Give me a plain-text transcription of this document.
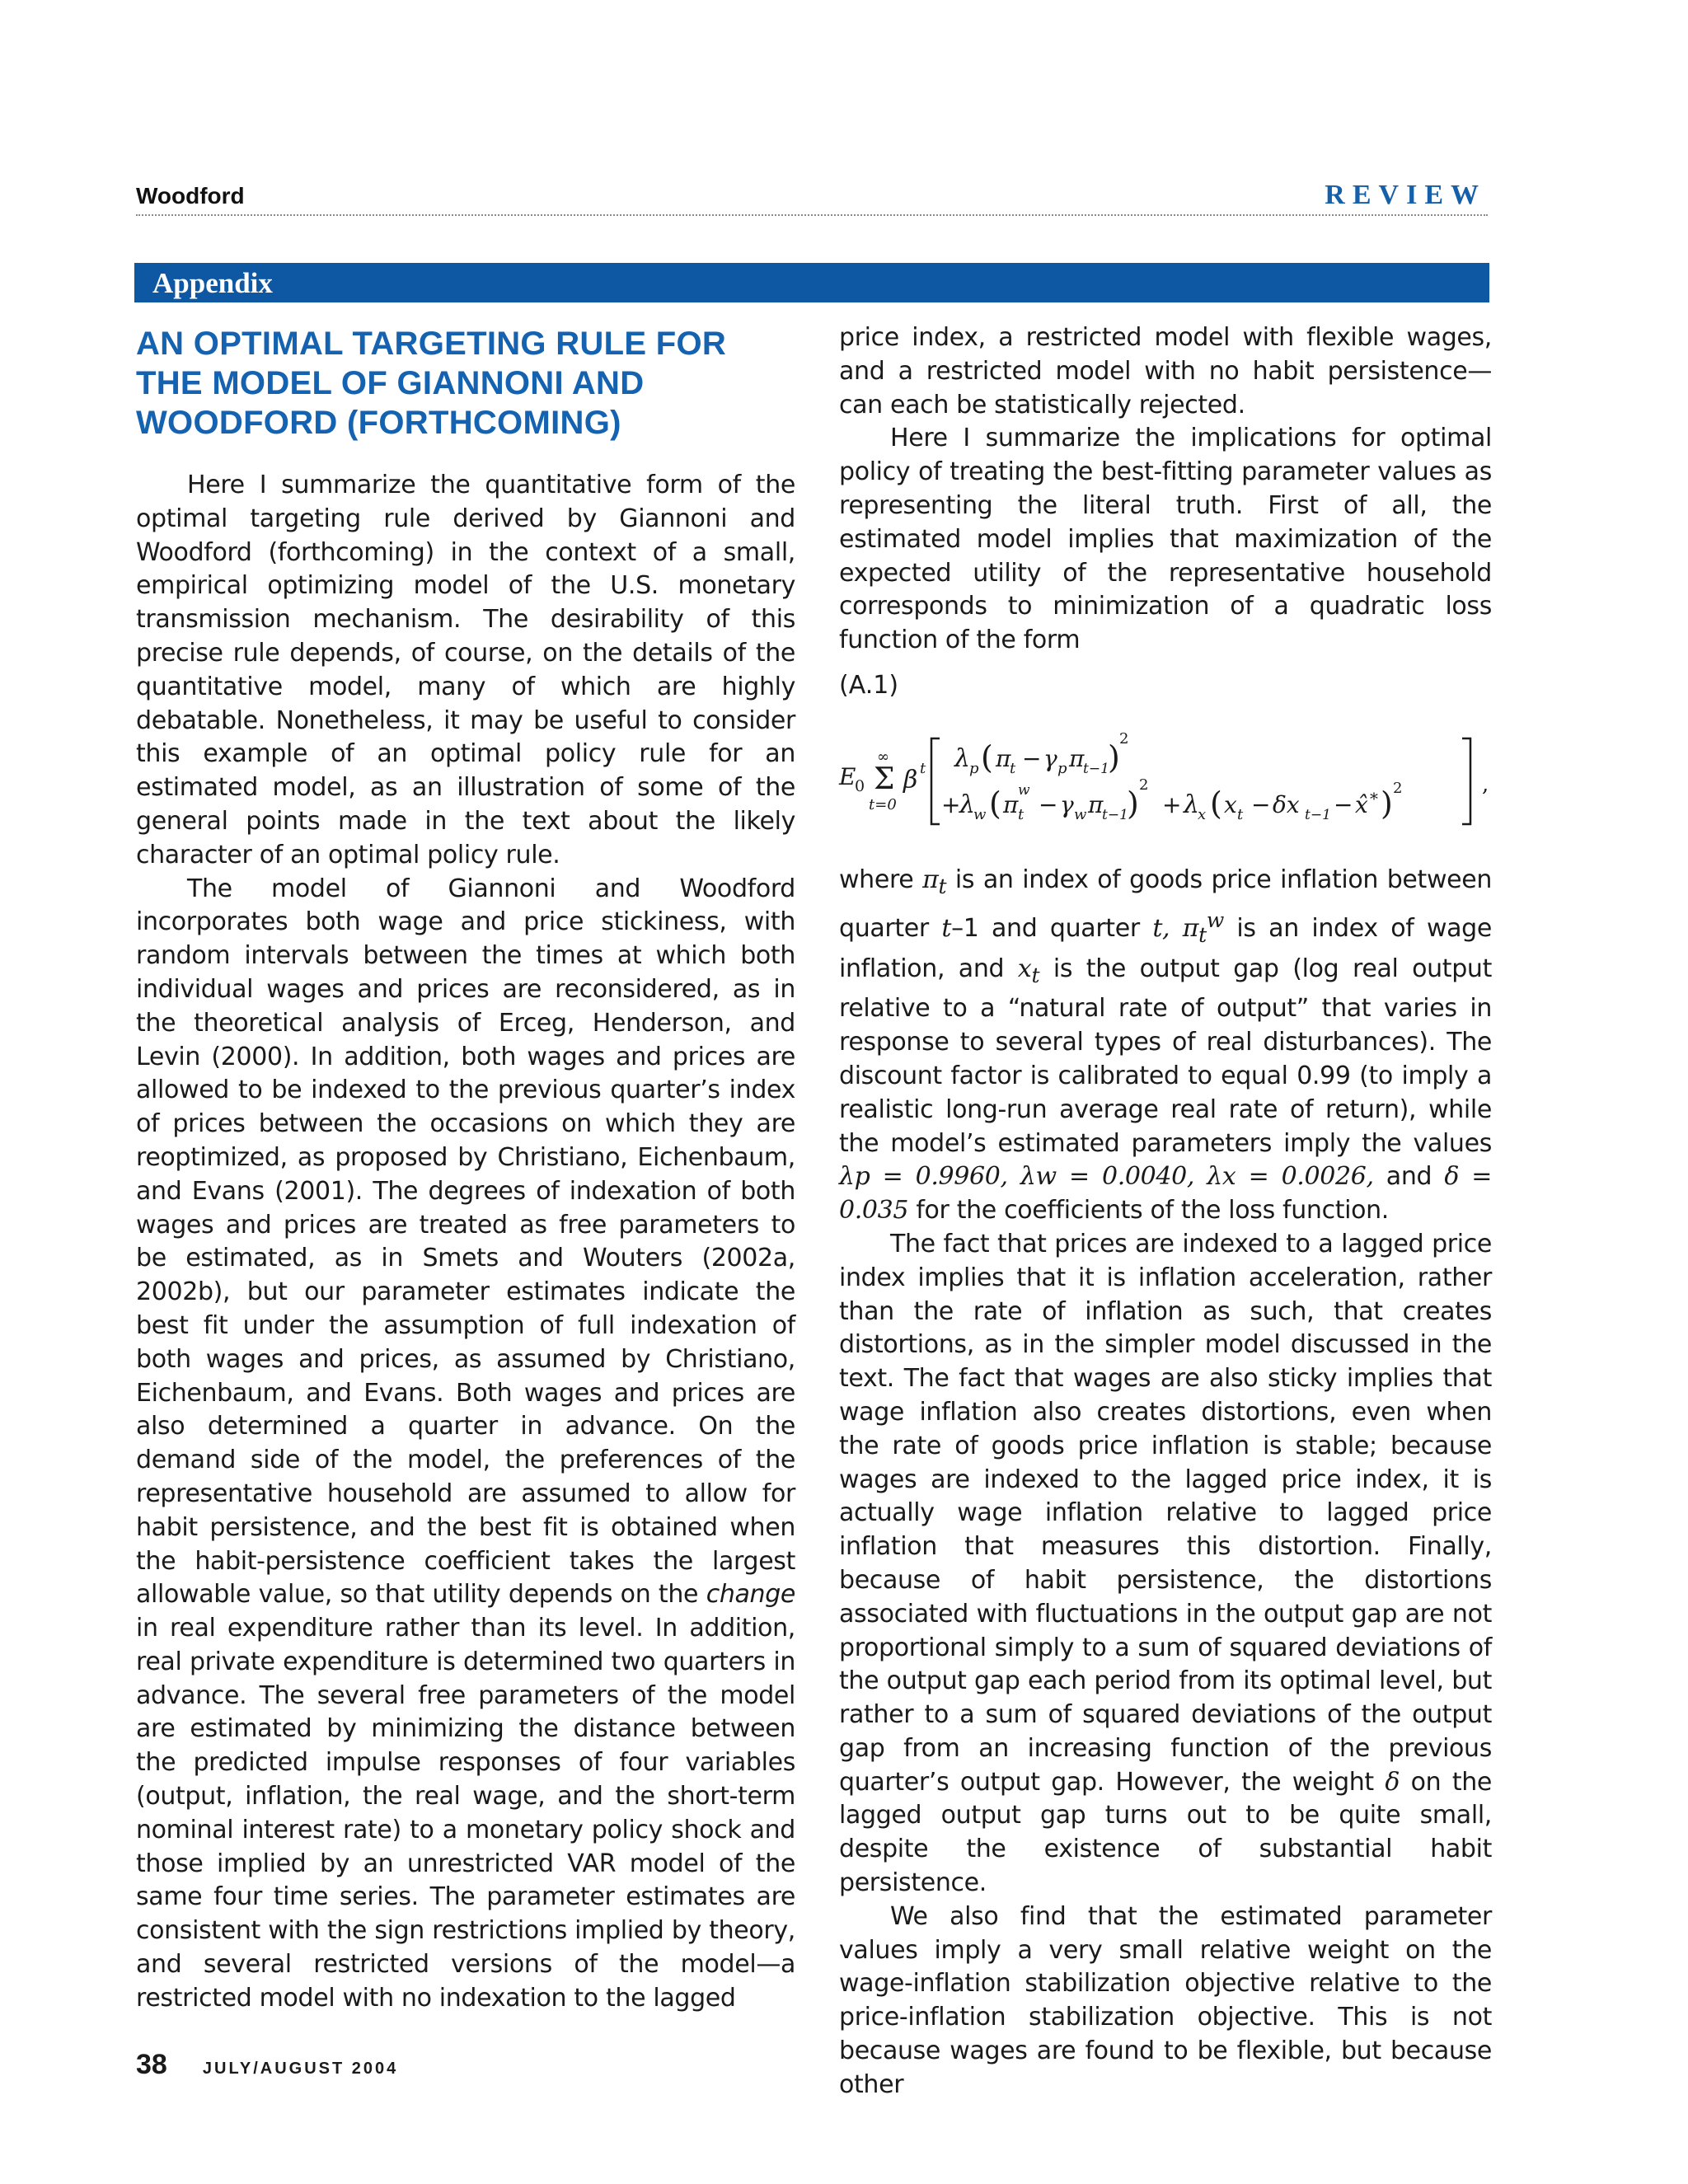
Woodford	REVIEW
Appendix
AN OPTIMAL TARGETING RULE FOR THE MODEL OF GIANNONI AND WOODFORD (FORTHCOMING)

Here I summarize the quantitative form of the optimal targeting rule derived by Giannoni and Woodford (forthcoming) in the context of a small, empirical optimizing model of the U.S. monetary transmission mechanism. The desirability of this precise rule depends, of course, on the details of the quantitative model, many of which are highly debatable. Nonetheless, it may be useful to consider this example of an optimal policy rule for an estimated model, as an illustration of some of the general points made in the text about the likely character of an optimal policy rule.

The model of Giannoni and Woodford incorporates both wage and price stickiness, with random intervals between the times at which both individual wages and prices are reconsidered, as in the theoretical analysis of Erceg, Henderson, and Levin (2000). In addition, both wages and prices are allowed to be indexed to the previous quarter’s index of prices between the occasions on which they are reoptimized, as proposed by Christiano, Eichenbaum, and Evans (2001). The degrees of indexation of both wages and prices are treated as free parameters to be estimated, as in Smets and Wouters (2002a, 2002b), but our parameter estimates indicate the best fit under the assumption of full indexation of both wages and prices, as assumed by Christiano, Eichenbaum, and Evans. Both wages and prices are also determined a quarter in advance. On the demand side of the model, the preferences of the representative household are assumed to allow for habit persistence, and the best fit is obtained when the habit-persistence coefficient takes the largest allowable value, so that utility depends on the change in real expenditure rather than its level. In addition, real private expenditure is determined two quarters in advance. The several free parameters of the model are estimated by minimizing the distance between the predicted impulse responses of four variables (output, inflation, the real wage, and the short-term nominal interest rate) to a monetary policy shock and those implied by an unrestricted VAR model of the same four time series. The parameter estimates are consistent with the sign restrictions implied by theory, and several restricted versions of the model—a restricted model with no indexation to the lagged

price index, a restricted model with flexible wages, and a restricted model with no habit persistence—can each be statistically rejected.

Here I summarize the implications for optimal policy of treating the best-fitting parameter values as representing the literal truth. First of all, the estimated model implies that maximization of the expected utility of the representative household corresponds to minimization of a quadratic loss function of the form

(A.1)

E
0 Σ
∞
t=0
β t
,
λ
p ( π
t − γ p π
t−1
)
2
+
λ
w ( π
w
t − γ w π
t−1
)
2
+ λ
x ( x t − δx t−1 − x̂ * ) 2

where $\pi_t$ is an index of goods price inflation between quarter t–1 and quarter t, $\pi_t^w$ is an index of wage inflation, and $x_t$ is the output gap (log real output relative to a “natural rate of output” that varies in response to several types of real disturbances). The discount factor is calibrated to equal 0.99 (to imply a realistic long-run average real rate of return), while the model’s estimated parameters imply the values λp = 0.9960, λw = 0.0040, λx = 0.0026, and δ = 0.035 for the coefficients of the loss function.

The fact that prices are indexed to a lagged price index implies that it is inflation acceleration, rather than the rate of inflation as such, that creates distortions, as in the simpler model discussed in the text. The fact that wages are also sticky implies that wage inflation also creates distortions, even when the rate of goods price inflation is stable; because wages are indexed to the lagged price index, it is actually wage inflation relative to lagged price inflation that measures this distortion. Finally, because of habit persistence, the distortions associated with fluctuations in the output gap are not proportional simply to a sum of squared deviations of the output gap each period from its optimal level, but rather to a sum of squared deviations of the output gap from an increasing function of the previous quarter’s output gap. However, the weight δ on the lagged output gap turns out to be quite small, despite the existence of substantial habit persistence.

We also find that the estimated parameter values imply a very small relative weight on the wage-inflation stabilization objective relative to the price-inflation stabilization objective. This is not because wages are found to be flexible, but because other

38 JULY/AUGUST 2004
